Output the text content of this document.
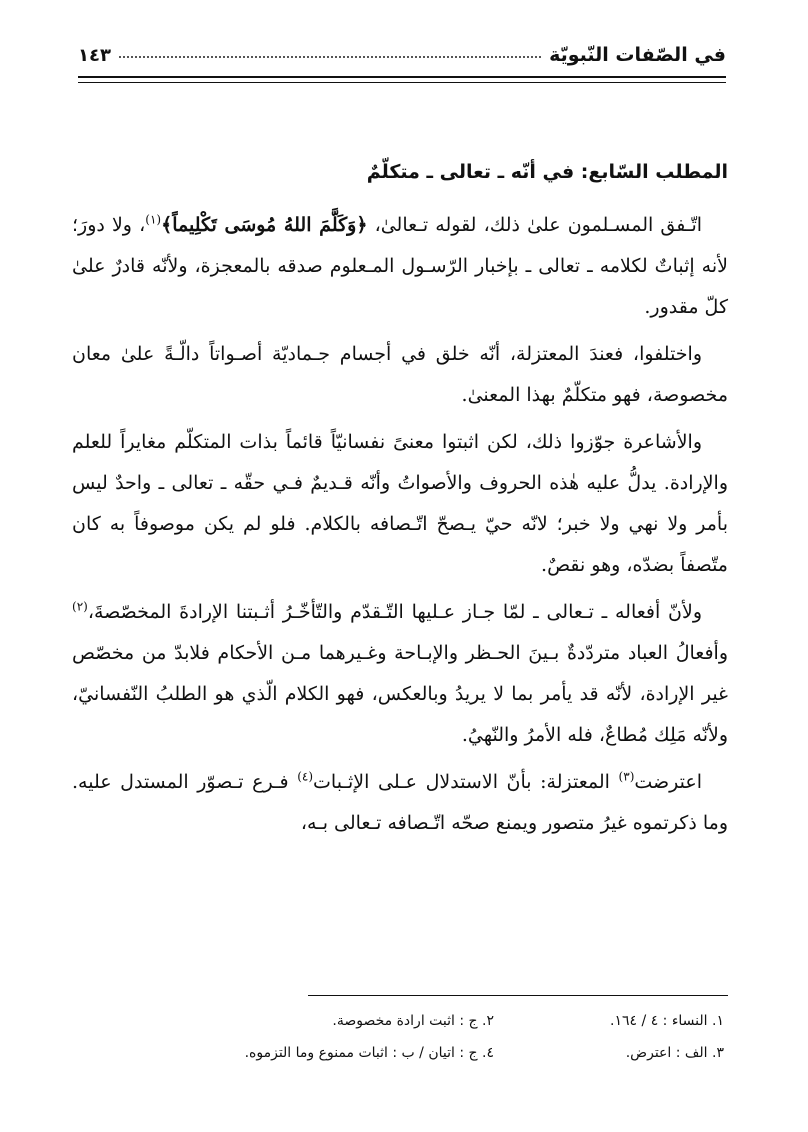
في الصّفات النّبويّة
١٤٣
المطلب السّابع: في أنّه ـ تعالى ـ متكلّمٌ

اتّـفق المسـلمون علىٰ ذلك، لقوله تـعالىٰ، ﴿وَكَلَّمَ اللهُ مُوسَى تَكْلِيماً﴾$^{(١)}$، ولا دورَ؛ لأنه إثباتٌ لكلامه ـ تعالى ـ بإخبار الرّسـول المـعلوم صدقه بالمعجزة، ولأنّه قادرٌ علىٰ كلّ مقدور.

واختلفوا، فعندَ المعتزلة، أنّه خلق في أجسام جـماديّة أصـواتاً دالّـةً علىٰ معان مخصوصة، فهو متكلّمٌ بهذا المعنىٰ.

والأشاعرة جوّزوا ذلك، لكن اثبتوا معنىً نفسانيّاً قائماً بذات المتكلّم مغايراً للعلم والإرادة. يدلُّ عليه هٰذه الحروف والأصواتُ وأنّه قـديمٌ فـي حقّه ـ تعالى ـ واحدٌ ليس بأمر ولا نهي ولا خبر؛ لانّه حيّ يـصحّ اتّـصافه بالكلام. فلو لم يكن موصوفاً به كان متّصفاً بضدّه، وهو نقصٌ.

ولأنّ أفعاله ـ تـعالى ـ لمّا جـاز عـليها التّـقدّم والتّأخّـرُ أثـبتنا الإرادةَ المخصّصةَ،$^{(٢)}$ وأفعالُ العباد متردّدةٌ بـينَ الحـظر والإبـاحة وغـيرهما مـن الأحكام فلابدّ من مخصّص غير الإرادة، لأنّه قد يأمر بما لا يريدُ وبالعكس، فهو الكلام الّذي هو الطلبُ النّفسانيّ، ولأنّه مَلِك مُطاعٌ، فله الأمرُ والنّهيُ.

اعترضت$^{(٣)}$ المعتزلة: بأنّ الاستدلال عـلى الإثـبات$^{(٤)}$ فـرع تـصوّر المستدل عليه. وما ذكرتموه غيرُ متصور ويمنع صحّه اتّـصافه تـعالى بـه،

١. النساء : ٤ / ١٦٤.
٢. ج : اثبت ارادة مخصوصة.
٣. الف : اعترض.
٤. ج : اتيان / ب : اثبات ممنوع وما التزموه.
